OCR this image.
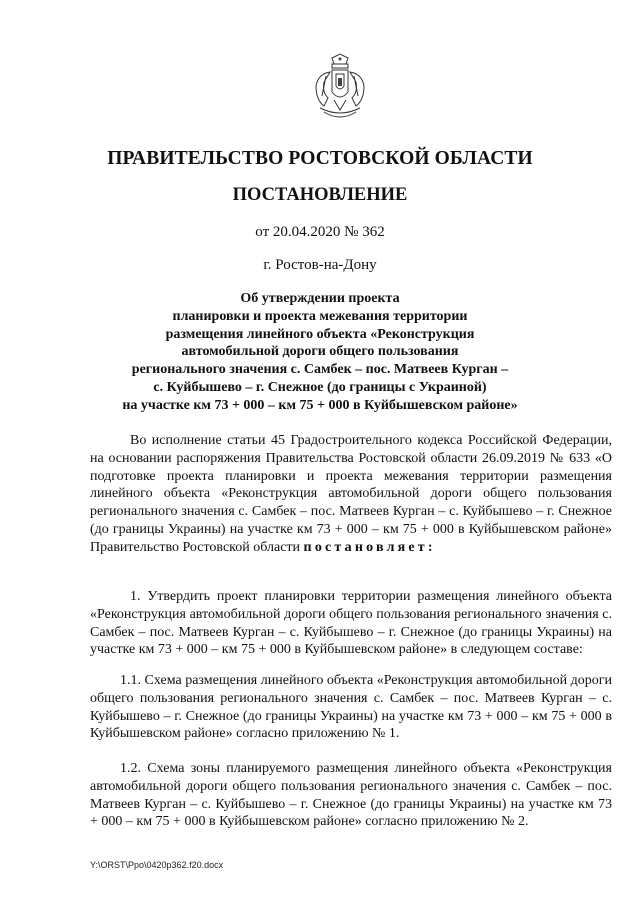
ПРАВИТЕЛЬСТВО РОСТОВСКОЙ ОБЛАСТИ
ПОСТАНОВЛЕНИЕ
от 20.04.2020 № 362
г. Ростов-на-Дону
Об утверждении проекта
планировки и проекта межевания территории
размещения линейного объекта «Реконструкция
автомобильной дороги общего пользования
регионального значения с. Самбек – пос. Матвеев Курган –
с. Куйбышево – г. Снежное (до границы с Украиной)
на участке км 73 + 000 – км 75 + 000 в Куйбышевском районе»

Во исполнение статьи 45 Градостроительного кодекса Российской Федерации, на основании распоряжения Правительства Ростовской области 26.09.2019 № 633 «О подготовке проекта планировки и проекта межевания территории размещения линейного объекта «Реконструкция автомобильной дороги общего пользования регионального значения с. Самбек – пос. Матвеев Курган – с. Куйбышево – г. Снежное (до границы Украины) на участке км 73 + 000 – км 75 + 000 в Куйбышевском районе» Правительство Ростовской области постановляет:

1. Утвердить проект планировки территории размещения линейного объекта «Реконструкция автомобильной дороги общего пользования регионального значения с. Самбек – пос. Матвеев Курган – с. Куйбышево – г. Снежное (до границы Украины) на участке км 73 + 000 – км 75 + 000 в Куйбышевском районе» в следующем составе:

1.1. Схема размещения линейного объекта «Реконструкция автомобильной дороги общего пользования регионального значения с. Самбек – пос. Матвеев Курган – с. Куйбышево – г. Снежное (до границы Украины) на участке км 73 + 000 – км 75 + 000 в Куйбышевском районе» согласно приложению № 1.

1.2. Схема зоны планируемого размещения линейного объекта «Реконструкция автомобильной дороги общего пользования регионального значения с. Самбек – пос. Матвеев Курган – с. Куйбышево – г. Снежное (до границы Украины) на участке км 73 + 000 – км 75 + 000 в Куйбышевском районе» согласно приложению № 2.

Y:\ORST\Ppo\0420p362.f20.docx
